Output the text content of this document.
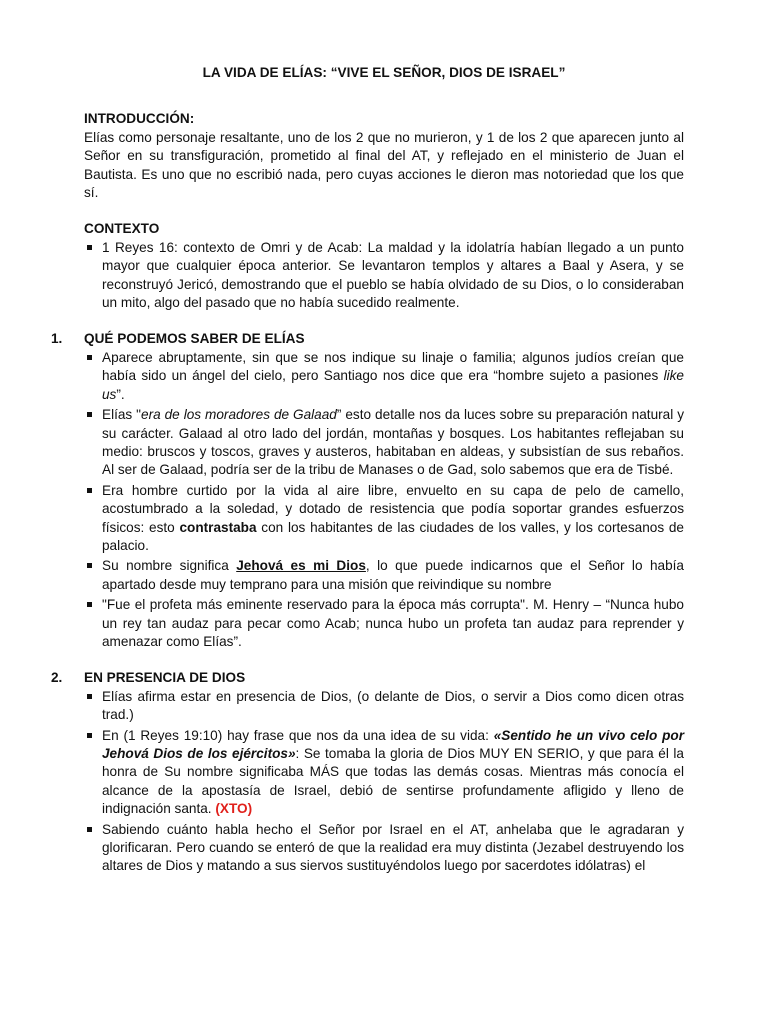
LA VIDA DE ELÍAS: “VIVE EL SEÑOR, DIOS DE ISRAEL”

INTRODUCCIÓN:

Elías como personaje resaltante, uno de los 2 que no murieron, y 1 de los 2 que aparecen junto al Señor en su transfiguración, prometido al final del AT, y reflejado en el ministerio de Juan el Bautista. Es uno que no escribió nada, pero cuyas acciones le dieron mas notoriedad que los que sí.

CONTEXTO

1 Reyes 16: contexto de Omri y de Acab: La maldad y la idolatría habían llegado a un punto mayor que cualquier época anterior. Se levantaron templos y altares a Baal y Asera, y se reconstruyó Jericó, demostrando que el pueblo se había olvidado de su Dios, o lo consideraban un mito, algo del pasado que no había sucedido realmente.
1.	QUÉ PODEMOS SABER DE ELÍAS
Aparece abruptamente, sin que se nos indique su linaje o familia; algunos judíos creían que había sido un ángel del cielo, pero Santiago nos dice que era “hombre sujeto a pasiones like us”.
Elías "era de los moradores de Galaad” esto detalle nos da luces sobre su preparación natural y su carácter. Galaad al otro lado del jordán, montañas y bosques. Los habitantes reflejaban su medio: bruscos y toscos, graves y austeros, habitaban en aldeas, y subsistían de sus rebaños. Al ser de Galaad, podría ser de la tribu de Manases o de Gad, solo sabemos que era de Tisbé.
Era hombre curtido por la vida al aire libre, envuelto en su capa de pelo de camello, acostumbrado a la soledad, y dotado de resistencia que podía soportar grandes esfuerzos físicos: esto contrastaba con los habitantes de las ciudades de los valles, y los cortesanos de palacio.
Su nombre significa Jehová es mi Dios, lo que puede indicarnos que el Señor lo había apartado desde muy temprano para una misión que reivindique su nombre
"Fue el profeta más eminente reservado para la época más corrupta". M. Henry – “Nunca hubo un rey tan audaz para pecar como Acab; nunca hubo un profeta tan audaz para reprender y amenazar como Elías”.
2.	EN PRESENCIA DE DIOS
Elías afirma estar en presencia de Dios, (o delante de Dios, o servir a Dios como dicen otras trad.)
En (1 Reyes 19:10) hay frase que nos da una idea de su vida: «Sentido he un vivo celo por Jehová Dios de los ejércitos»: Se tomaba la gloria de Dios MUY EN SERIO, y que para él la honra de Su nombre significaba MÁS que todas las demás cosas. Mientras más conocía el alcance de la apostasía de Israel, debió de sentirse profundamente afligido y lleno de indignación santa. (XTO)
Sabiendo cuánto habla hecho el Señor por Israel en el AT, anhelaba que le agradaran y glorificaran. Pero cuando se enteró de que la realidad era muy distinta (Jezabel destruyendo los altares de Dios y matando a sus siervos sustituyéndolos luego por sacerdotes idólatras) el
